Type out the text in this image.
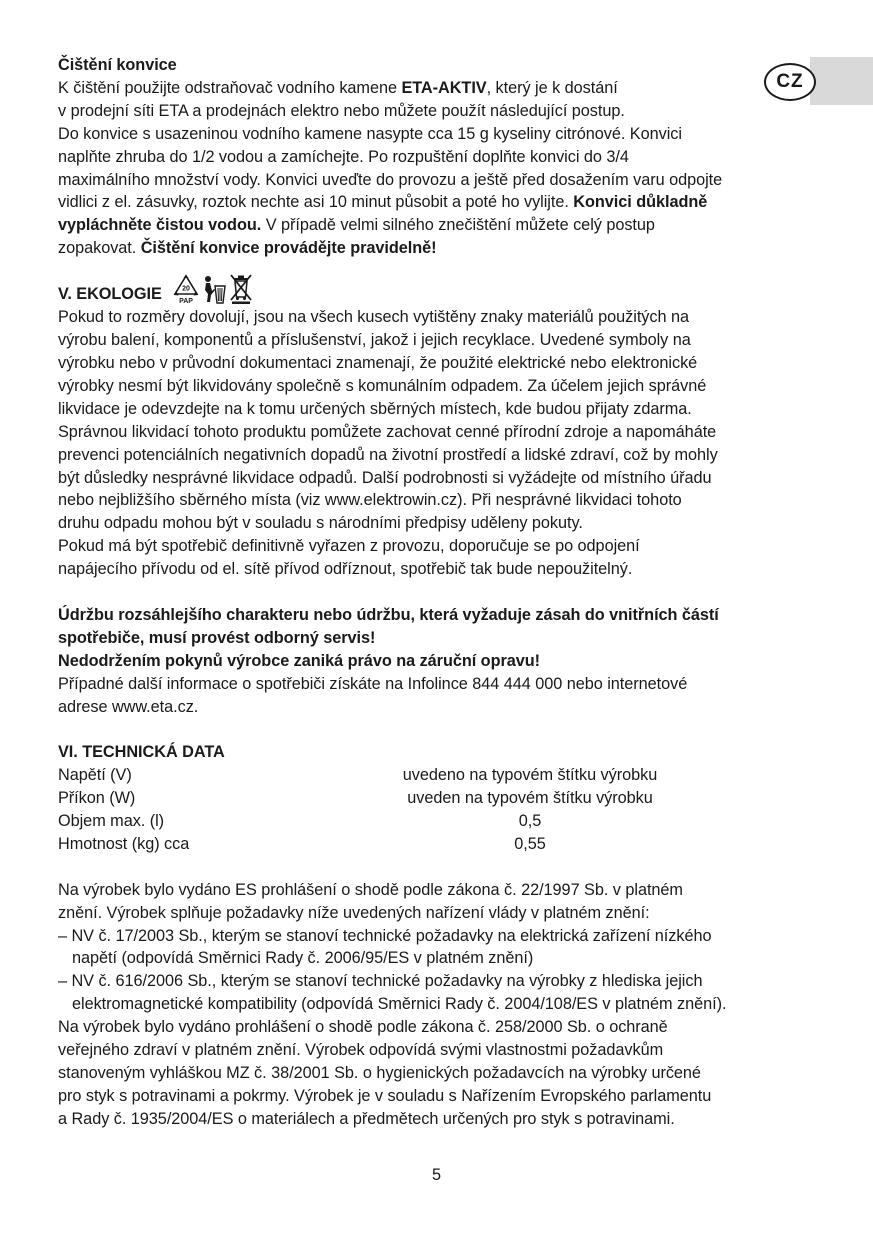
CZ

Čištění konvice

K čištění použijte odstraňovač vodního kamene ETA-AKTIV, který je k dostání

v prodejní síti ETA a prodejnách elektro nebo můžete použít následující postup.

Do konvice s usazeninou vodního kamene nasypte cca 15 g kyseliny citrónové. Konvici

naplňte zhruba do 1/2 vodou a zamíchejte. Po rozpuštění doplňte konvici do 3/4

maximálního množství vody. Konvici uveďte do provozu a ještě před dosažením varu odpojte

vidlici z el. zásuvky, roztok nechte asi 10 minut působit a poté ho vylijte. Konvici důkladně

vypláchněte čistou vodou. V případě velmi silného znečištění můžete celý postup

zopakovat. Čištění konvice provádějte pravidelně!

V. EKOLOGIE	20
PAP

Pokud to rozměry dovolují, jsou na všech kusech vytištěny znaky materiálů použitých na

výrobu balení, komponentů a příslušenství, jakož i jejich recyklace. Uvedené symboly na

výrobku nebo v průvodní dokumentaci znamenají, že použité elektrické nebo elektronické

výrobky nesmí být likvidovány společně s komunálním odpadem. Za účelem jejich správné

likvidace je odevzdejte na k tomu určených sběrných místech, kde budou přijaty zdarma.

Správnou likvidací tohoto produktu pomůžete zachovat cenné přírodní zdroje a napomáháte

prevenci potenciálních negativních dopadů na životní prostředí a lidské zdraví, což by mohly

být důsledky nesprávné likvidace odpadů. Další podrobnosti si vyžádejte od místního úřadu

nebo nejbližšího sběrného místa (viz www.elektrowin.cz). Při nesprávné likvidaci tohoto

druhu odpadu mohou být v souladu s národními předpisy uděleny pokuty.

Pokud má být spotřebič definitivně vyřazen z provozu, doporučuje se po odpojení

napájecího přívodu od el. sítě přívod odříznout, spotřebič tak bude nepoužitelný.

Údržbu rozsáhlejšího charakteru nebo údržbu, která vyžaduje zásah do vnitřních částí

spotřebiče, musí provést odborný servis!

Nedodržením pokynů výrobce zaniká právo na záruční opravu!

Případné další informace o spotřebiči získáte na Infolince 844 444 000 nebo internetové

adrese www.eta.cz.

VI. TECHNICKÁ DATA

Napětí (V)	uvedeno na typovém štítku výrobku
Příkon (W)	uveden na typovém štítku výrobku
Objem max. (l)	0,5
Hmotnost (kg) cca	0,55

Na výrobek bylo vydáno ES prohlášení o shodě podle zákona č. 22/1997 Sb. v platném

znění. Výrobek splňuje požadavky níže uvedených nařízení vlády v platném znění:

– NV č. 17/2003 Sb., kterým se stanoví technické požadavky na elektrická zařízení nízkého

napětí (odpovídá Směrnici Rady č. 2006/95/ES v platném znění)

– NV č. 616/2006 Sb., kterým se stanoví technické požadavky na výrobky z hlediska jejich

elektromagnetické kompatibility (odpovídá Směrnici Rady č. 2004/108/ES v platném znění).

Na výrobek bylo vydáno prohlášení o shodě podle zákona č. 258/2000 Sb. o ochraně

veřejného zdraví v platném znění. Výrobek odpovídá svými vlastnostmi požadavkům

stanoveným vyhláškou MZ č. 38/2001 Sb. o hygienických požadavcích na výrobky určené

pro styk s potravinami a pokrmy. Výrobek je v souladu s Nařízením Evropského parlamentu

a Rady č. 1935/2004/ES o materiálech a předmětech určených pro styk s potravinami.

5
